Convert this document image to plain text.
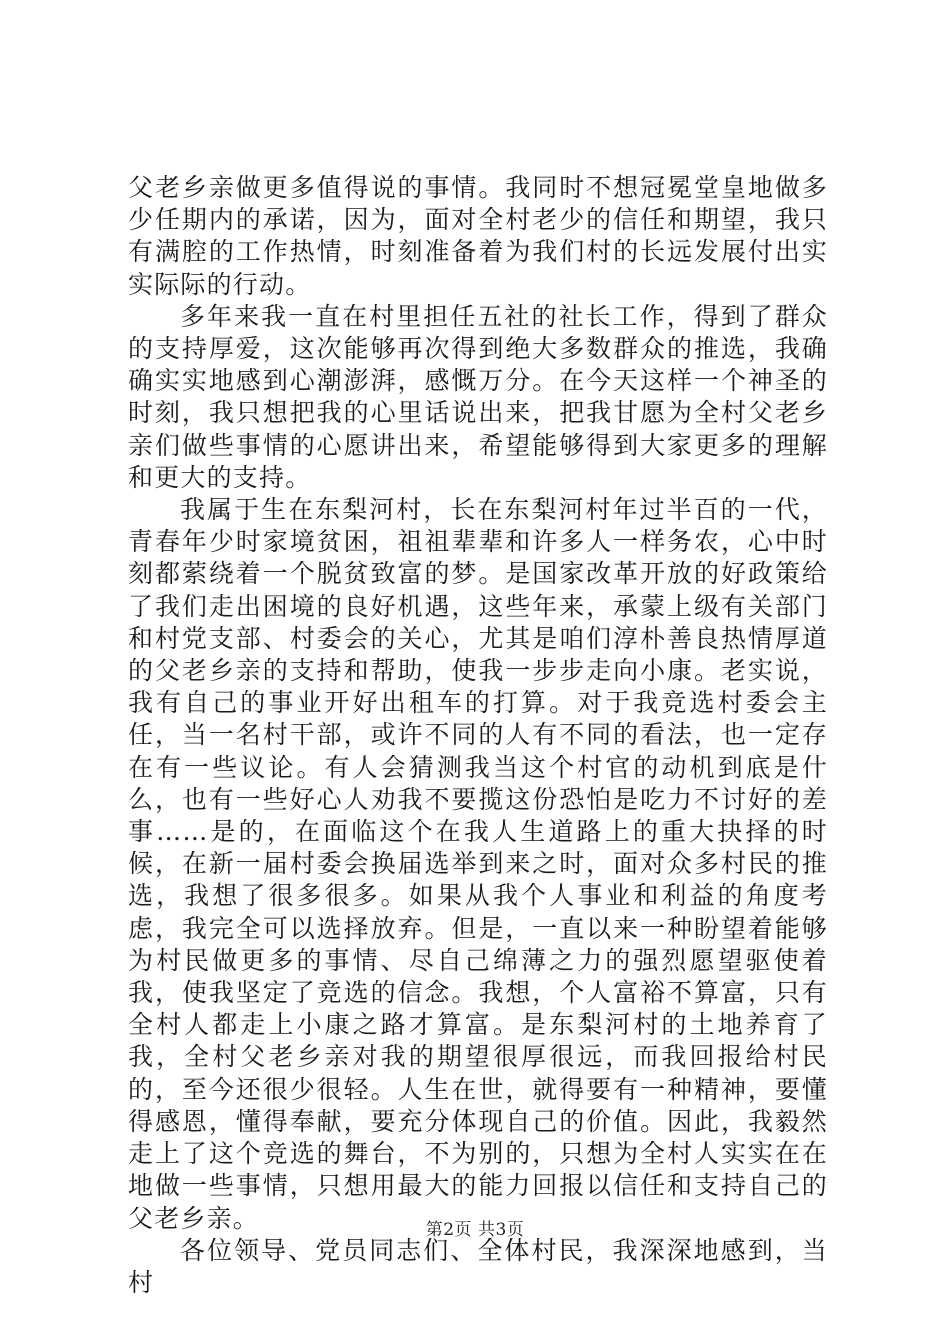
父老乡亲做更多值得说的事情。我同时不想冠冕堂皇地做多少任期内的承诺，因为，面对全村老少的信任和期望，我只有满腔的工作热情，时刻准备着为我们村的长远发展付出实实际际的行动。

多年来我一直在村里担任五社的社长工作，得到了群众的支持厚爱，这次能够再次得到绝大多数群众的推选，我确确实实地感到心潮澎湃，感慨万分。在今天这样一个神圣的时刻，我只想把我的心里话说出来，把我甘愿为全村父老乡亲们做些事情的心愿讲出来，希望能够得到大家更多的理解和更大的支持。

我属于生在东梨河村，长在东梨河村年过半百的一代，青春年少时家境贫困，祖祖辈辈和许多人一样务农，心中时刻都萦绕着一个脱贫致富的梦。是国家改革开放的好政策给了我们走出困境的良好机遇，这些年来，承蒙上级有关部门和村党支部、村委会的关心，尤其是咱们淳朴善良热情厚道的父老乡亲的支持和帮助，使我一步步走向小康。老实说，我有自己的事业开好出租车的打算。对于我竞选村委会主任，当一名村干部，或许不同的人有不同的看法，也一定存在有一些议论。有人会猜测我当这个村官的动机到底是什么，也有一些好心人劝我不要揽这份恐怕是吃力不讨好的差事……是的，在面临这个在我人生道路上的重大抉择的时候，在新一届村委会换届选举到来之时，面对众多村民的推选，我想了很多很多。如果从我个人事业和利益的角度考虑，我完全可以选择放弃。但是，一直以来一种盼望着能够为村民做更多的事情、尽自己绵薄之力的强烈愿望驱使着我，使我坚定了竞选的信念。我想，个人富裕不算富，只有全村人都走上小康之路才算富。是东梨河村的土地养育了我，全村父老乡亲对我的期望很厚很远，而我回报给村民的，至今还很少很轻。人生在世，就得要有一种精神，要懂得感恩，懂得奉献，要充分体现自己的价值。因此，我毅然走上了这个竞选的舞台，不为别的，只想为全村人实实在在地做一些事情，只想用最大的能力回报以信任和支持自己的父老乡亲。

各位领导、党员同志们、全体村民，我深深地感到，当村

第2页 共3页
